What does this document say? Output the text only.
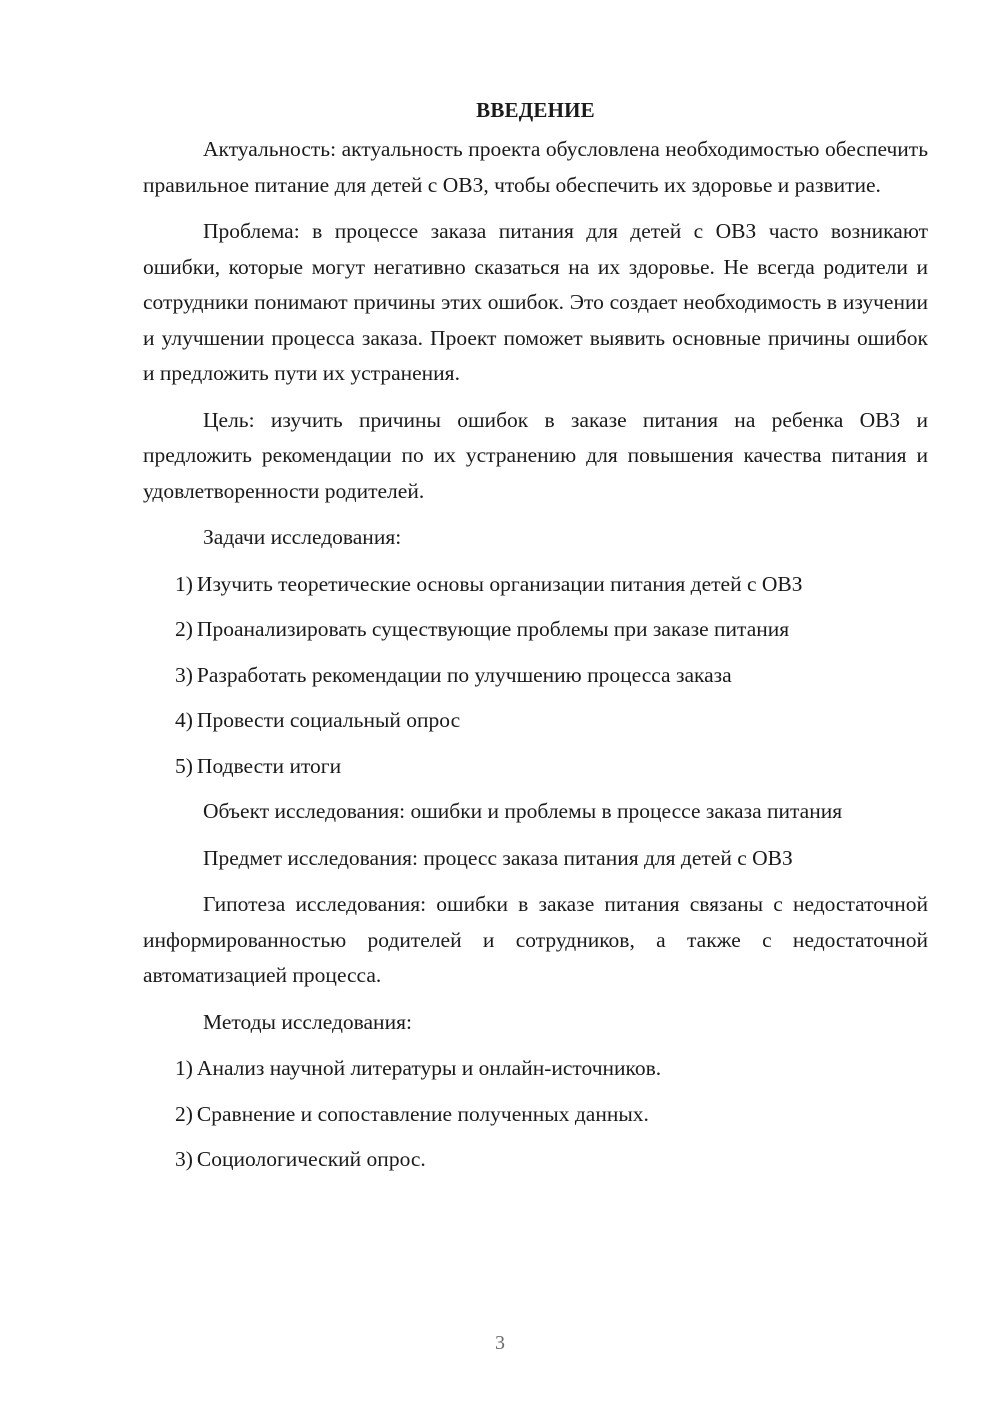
ВВЕДЕНИЕ

Актуальность: актуальность проекта обусловлена необходимостью обеспечить правильное питание для детей с ОВЗ, чтобы обеспечить их здоровье и развитие.

Проблема: в процессе заказа питания для детей с ОВЗ часто возникают ошибки, которые могут негативно сказаться на их здоровье. Не всегда родители и сотрудники понимают причины этих ошибок. Это создает необходимость в изучении и улучшении процесса заказа. Проект поможет выявить основные причины ошибок и предложить пути их устранения.

Цель: изучить причины ошибок в заказе питания на ребенка ОВЗ и предложить рекомендации по их устранению для повышения качества питания и удовлетворенности родителей.

Задачи исследования:

1) Изучить теоретические основы организации питания детей с ОВЗ
2) Проанализировать существующие проблемы при заказе питания
3) Разработать рекомендации по улучшению процесса заказа
4) Провести социальный опрос
5) Подвести итоги

Объект исследования: ошибки и проблемы в процессе заказа питания

Предмет исследования: процесс заказа питания для детей с ОВЗ

Гипотеза исследования: ошибки в заказе питания связаны с недостаточной информированностью родителей и сотрудников, а также с недостаточной автоматизацией процесса.

Методы исследования:

1) Анализ научной литературы и онлайн-источников.
2) Сравнение и сопоставление полученных данных.
3) Социологический опрос.
3
